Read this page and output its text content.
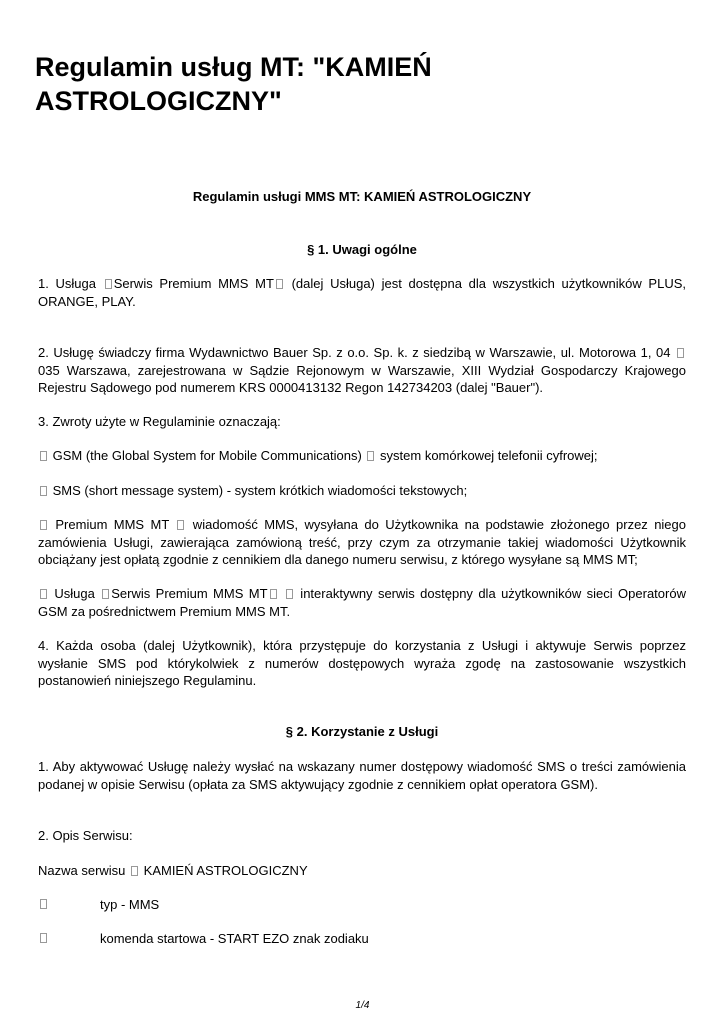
Regulamin usług MT: "KAMIEŃ ASTROLOGICZNY"

Regulamin usługi MMS MT: KAMIEŃ ASTROLOGICZNY

§ 1. Uwagi ogólne

1. Usługa Serwis Premium MMS MT (dalej Usługa) jest dostępna dla wszystkich użytkowników PLUS, ORANGE, PLAY.

2. Usługę świadczy firma Wydawnictwo Bauer Sp. z o.o. Sp. k. z siedzibą w Warszawie, ul. Motorowa 1, 04  035 Warszawa, zarejestrowana w Sądzie Rejonowym w Warszawie, XIII Wydział Gospodarczy Krajowego Rejestru Sądowego pod numerem KRS 0000413132 Regon 142734203 (dalej "Bauer").

3. Zwroty użyte w Regulaminie oznaczają:

GSM (the Global System for Mobile Communications)  system komórkowej telefonii cyfrowej;

SMS (short message system) - system krótkich wiadomości tekstowych;

Premium MMS MT  wiadomość MMS, wysyłana do Użytkownika na podstawie złożonego przez niego zamówienia Usługi, zawierająca zamówioną treść, przy czym za otrzymanie takiej wiadomości Użytkownik obciążany jest opłatą zgodnie z cennikiem dla danego numeru serwisu, z którego wysyłane są MMS MT;

Usługa Serwis Premium MMS MT  interaktywny serwis dostępny dla użytkowników sieci Operatorów GSM za pośrednictwem Premium MMS MT.

4. Każda osoba (dalej Użytkownik), która przystępuje do korzystania z Usługi i aktywuje Serwis poprzez wysłanie SMS pod którykolwiek z numerów dostępowych wyraża zgodę na zastosowanie wszystkich postanowień niniejszego Regulaminu.

§ 2. Korzystanie z Usługi

1. Aby aktywować Usługę należy wysłać na wskazany numer dostępowy wiadomość SMS o treści zamówienia podanej w opisie Serwisu (opłata za SMS aktywujący zgodnie z cennikiem opłat operatora GSM).

2. Opis Serwisu:

Nazwa serwisu  KAMIEŃ ASTROLOGICZNY

typ - MMS
komenda startowa - START EZO znak zodiaku
1/4
